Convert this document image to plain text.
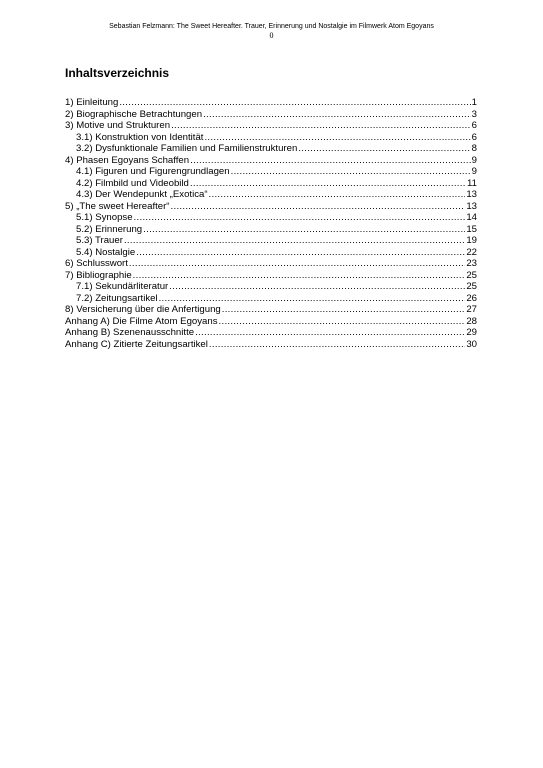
Sebastian Felzmann: The Sweet Hereafter. Trauer, Erinnerung und Nostalgie im Filmwerk Atom Egoyans
0
Inhaltsverzeichnis
1) Einleitung .....	1
2) Biographische Betrachtungen .....	3
3) Motive und Strukturen .....	6
3.1) Konstruktion von Identität .....	6
3.2) Dysfunktionale Familien und Familienstrukturen .....	8
4) Phasen Egoyans Schaffen .....	9
4.1) Figuren und Figurengrundlagen .....	9
4.2) Filmbild und Videobild .....	11
4.3) Der Wendepunkt „Exotica“ .....	13
5) „The sweet Hereafter“ .....	13
5.1) Synopse .....	14
5.2) Erinnerung .....	15
5.3) Trauer .....	19
5.4) Nostalgie .....	22
6) Schlusswort .....	23
7) Bibliographie .....	25
7.1) Sekundärliteratur .....	25
7.2) Zeitungsartikel .....	26
8) Versicherung über die Anfertigung .....	27
Anhang A) Die Filme Atom Egoyans .....	28
Anhang B) Szenenausschnitte .....	29
Anhang C) Zitierte Zeitungsartikel .....	30
